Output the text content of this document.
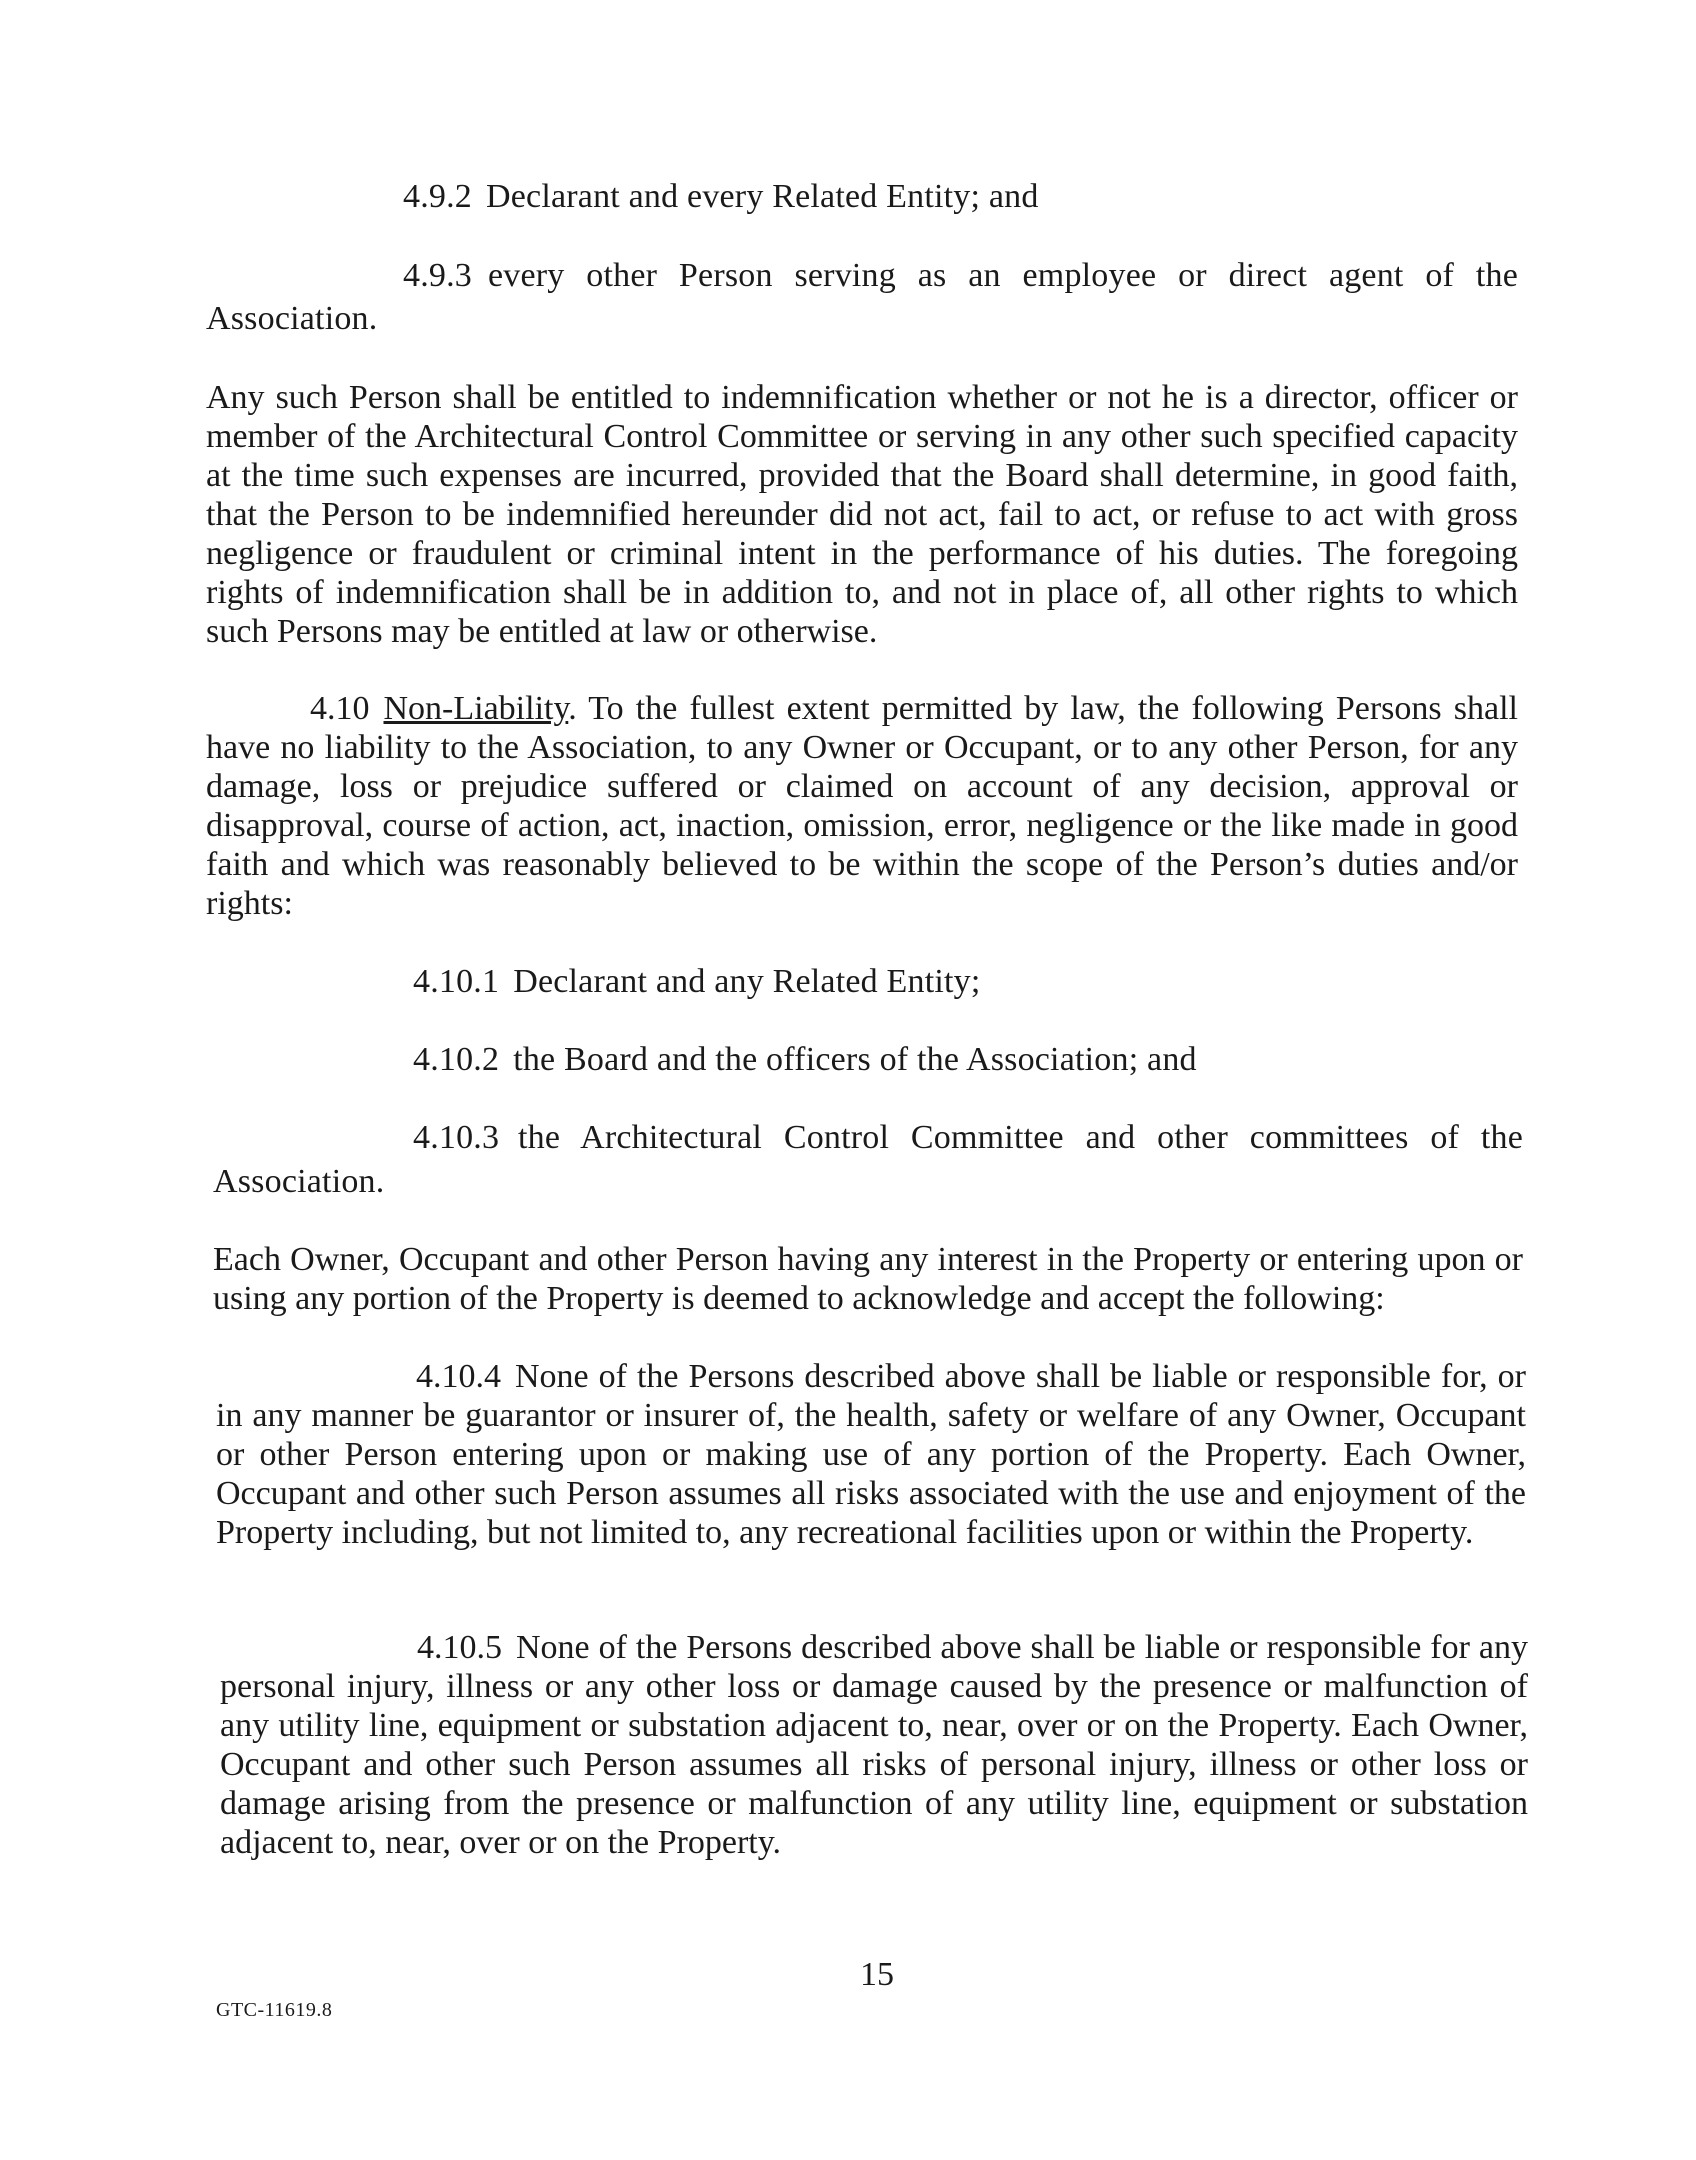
4.9.2 Declarant and every Related Entity; and
4.9.3 every other Person serving as an employee or direct agent of the
Association.
Any such Person shall be entitled to indemnification whether or not he is a director, officer or member of the Architectural Control Committee or serving in any other such specified capacity at the time such expenses are incurred, provided that the Board shall determine, in good faith, that the Person to be indemnified hereunder did not act, fail to act, or refuse to act with gross negligence or fraudulent or criminal intent in the performance of his duties. The foregoing rights of indemnification shall be in addition to, and not in place of, all other rights to which such Persons may be entitled at law or otherwise.
4.10 Non-Liability. To the fullest extent permitted by law, the following Persons shall have no liability to the Association, to any Owner or Occupant, or to any other Person, for any damage, loss or prejudice suffered or claimed on account of any decision, approval or disapproval, course of action, act, inaction, omission, error, negligence or the like made in good faith and which was reasonably believed to be within the scope of the Person’s duties and/or rights:
4.10.1 Declarant and any Related Entity;
4.10.2 the Board and the officers of the Association; and
4.10.3 the Architectural Control Committee and other committees of the
Association.
Each Owner, Occupant and other Person having any interest in the Property or entering upon or using any portion of the Property is deemed to acknowledge and accept the following:
4.10.4 None of the Persons described above shall be liable or responsible for, or in any manner be guarantor or insurer of, the health, safety or welfare of any Owner, Occupant or other Person entering upon or making use of any portion of the Property. Each Owner, Occupant and other such Person assumes all risks associated with the use and enjoyment of the Property including, but not limited to, any recreational facilities upon or within the Property.
4.10.5 None of the Persons described above shall be liable or responsible for any personal injury, illness or any other loss or damage caused by the presence or malfunction of any utility line, equipment or substation adjacent to, near, over or on the Property. Each Owner, Occupant and other such Person assumes all risks of personal injury, illness or other loss or damage arising from the presence or malfunction of any utility line, equipment or substation adjacent to, near, over or on the Property.
GTC-11619.8
15
